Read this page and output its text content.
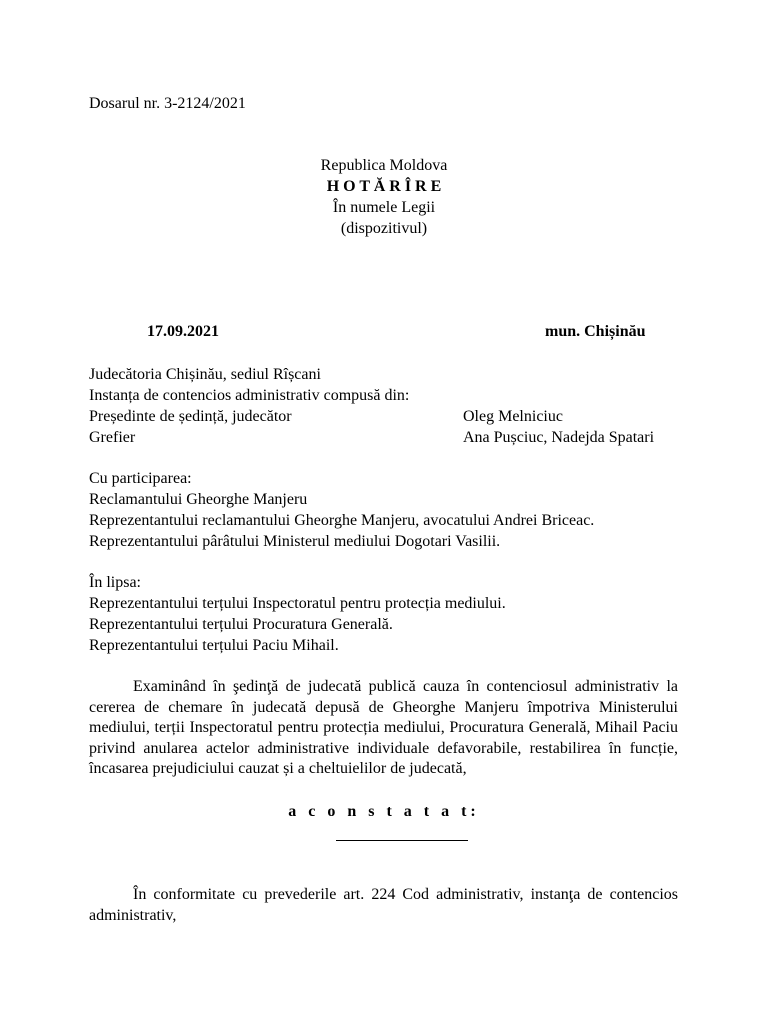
Dosarul nr. 3-2124/2021
Republica Moldova
H O T Ă R Î R E
În numele Legii
(dispozitivul)
17.09.2021	mun. Chișinău
Judecătoria Chișinău, sediul Rîșcani
Instanța de contencios administrativ compusă din:
Președinte de ședință, judecător	Oleg Melniciuc
Grefier	Ana Pușciuc, Nadejda Spatari
Cu participarea:
Reclamantului Gheorghe Manjeru
Reprezentantului reclamantului Gheorghe Manjeru, avocatului Andrei Briceac.
Reprezentantului pârâtului Ministerul mediului Dogotari Vasilii.
În lipsa:
Reprezentantului terțului Inspectoratul pentru protecția mediului.
Reprezentantului terțului Procuratura Generală.
Reprezentantului terțului Paciu Mihail.
Examinând în şedinţă de judecată publică cauza în contenciosul administrativ la cererea de chemare în judecată depusă de Gheorghe Manjeru împotriva Ministerului mediului, terții Inspectoratul pentru protecția mediului, Procuratura Generală, Mihail Paciu privind anularea actelor administrative individuale defavorabile, restabilirea în funcție, încasarea prejudiciului cauzat și a cheltuielilor de judecată,
a c o n s t a t a t:
În conformitate cu prevederile art. 224 Cod administrativ, instanţa de contencios administrativ,
